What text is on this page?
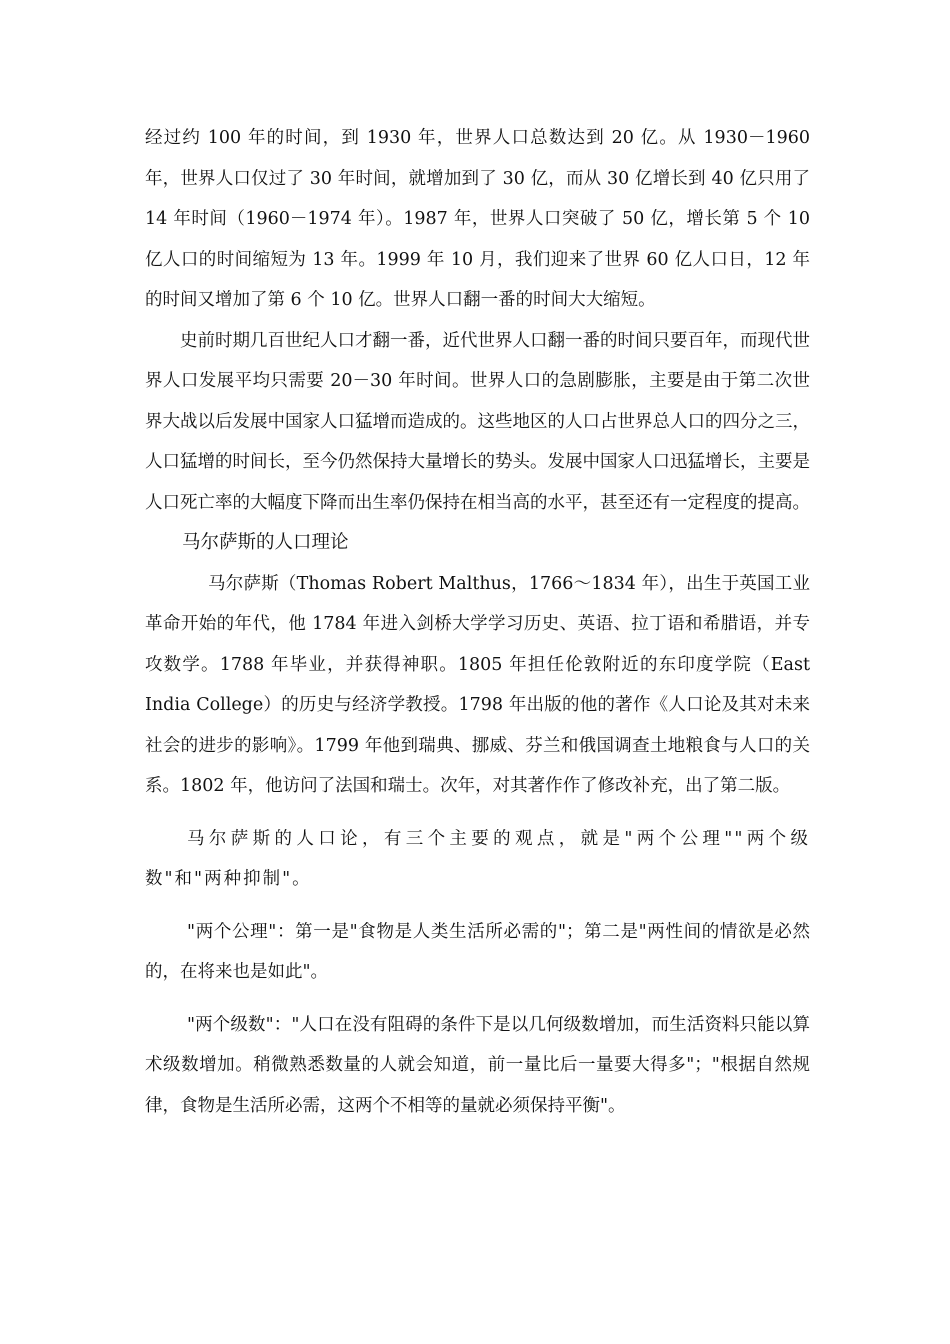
经过约 100 年的时间，到 1930 年，世界人口总数达到 20 亿。从 1930－1960 年，世界人口仅过了 30 年时间，就增加到了 30 亿，而从 30 亿增长到 40 亿只用了 14 年时间（1960－1974 年）。1987 年，世界人口突破了 50 亿，增长第 5 个 10 亿人口的时间缩短为 13 年。1999 年 10 月，我们迎来了世界 60 亿人口日，12 年的时间又增加了第 6 个 10 亿。世界人口翻一番的时间大大缩短。

史前时期几百世纪人口才翻一番，近代世界人口翻一番的时间只要百年，而现代世界人口发展平均只需要 20－30 年时间。世界人口的急剧膨胀，主要是由于第二次世界大战以后发展中国家人口猛增而造成的。这些地区的人口占世界总人口的四分之三，人口猛增的时间长，至今仍然保持大量增长的势头。发展中国家人口迅猛增长，主要是人口死亡率的大幅度下降而出生率仍保持在相当高的水平，甚至还有一定程度的提高。

马尔萨斯的人口理论

马尔萨斯（Thomas Robert Malthus，1766～1834 年），出生于英国工业革命开始的年代，他 1784 年进入剑桥大学学习历史、英语、拉丁语和希腊语，并专攻数学。1788 年毕业，并获得神职。1805 年担任伦敦附近的东印度学院（East India College）的历史与经济学教授。1798 年出版的他的著作《人口论及其对未来社会的进步的影响》。1799 年他到瑞典、挪威、芬兰和俄国调查土地粮食与人口的关系。1802 年，他访问了法国和瑞士。次年，对其著作作了修改补充，出了第二版。

马尔萨斯的人口论，有三个主要的观点，就是"两个公理""两个级数"和"两种抑制"。

"两个公理"：第一是"食物是人类生活所必需的"；第二是"两性间的情欲是必然的，在将来也是如此"。

"两个级数"："人口在没有阻碍的条件下是以几何级数增加，而生活资料只能以算术级数增加。稍微熟悉数量的人就会知道，前一量比后一量要大得多"；"根据自然规律，食物是生活所必需，这两个不相等的量就必须保持平衡"。
